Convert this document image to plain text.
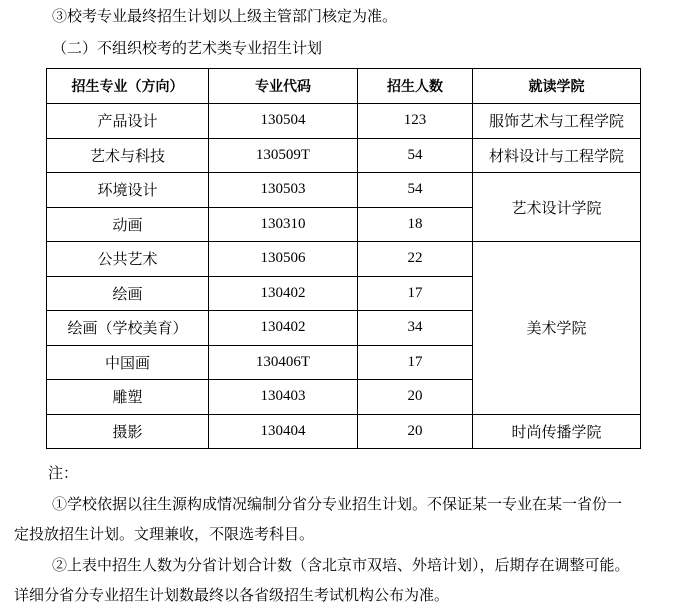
③校考专业最终招生计划以上级主管部门核定为准。
（二）不组织校考的艺术类专业招生计划
招生专业（方向）	专业代码	招生人数	就读学院
产品设计	130504	123	服饰艺术与工程学院
艺术与科技	130509T	54	材料设计与工程学院
环境设计	130503	54	艺术设计学院
动画	130310	18	
公共艺术	130506	22	美术学院
绘画	130402	17	
绘画（学校美育）	130402	34	
中国画	130406T	17	
雕塑	130403	20	
摄影	130404	20	时尚传播学院
注：
①学校依据以往生源构成情况编制分省分专业招生计划。不保证某一专业在某一省份一
定投放招生计划。文理兼收，不限选考科目。
②上表中招生人数为分省计划合计数（含北京市双培、外培计划），后期存在调整可能。
详细分省分专业招生计划数最终以各省级招生考试机构公布为准。
